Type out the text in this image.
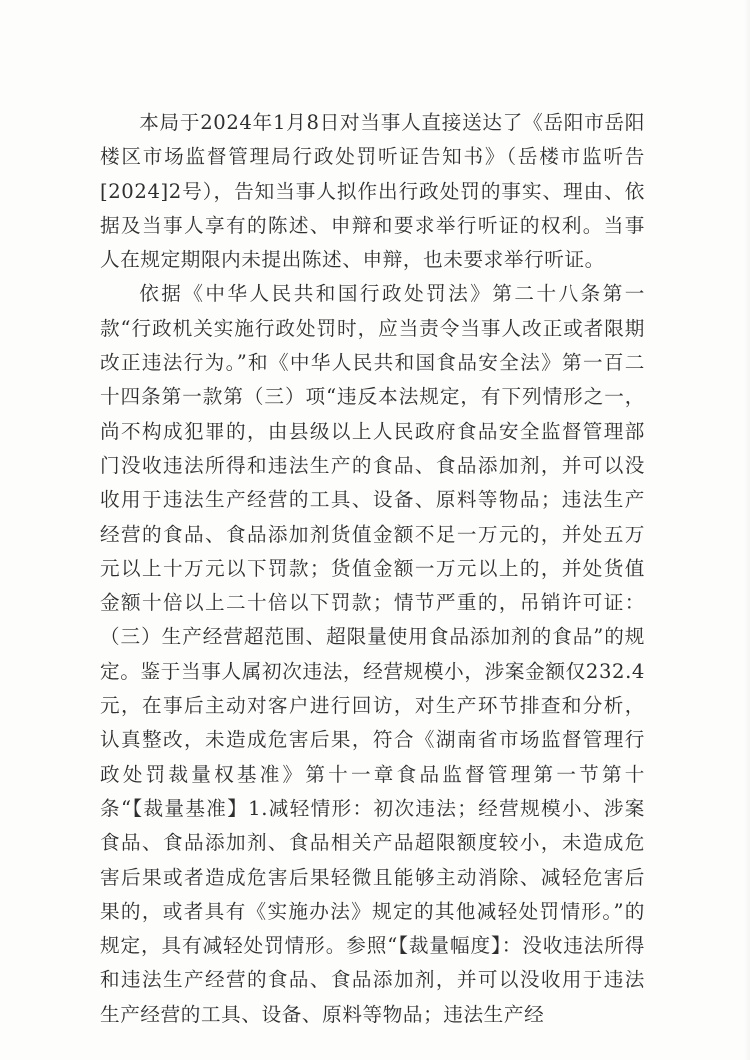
本局于2024年1月8日对当事人直接送达了《岳阳市岳阳楼区市场监督管理局行政处罚听证告知书》（岳楼市监听告[2024]2号），告知当事人拟作出行政处罚的事实、理由、依据及当事人享有的陈述、申辩和要求举行听证的权利。当事人在规定期限内未提出陈述、申辩，也未要求举行听证。

依据《中华人民共和国行政处罚法》第二十八条第一款“行政机关实施行政处罚时，应当责令当事人改正或者限期改正违法行为。”和《中华人民共和国食品安全法》第一百二十四条第一款第（三）项“违反本法规定，有下列情形之一，尚不构成犯罪的，由县级以上人民政府食品安全监督管理部门没收违法所得和违法生产的食品、食品添加剂，并可以没收用于违法生产经营的工具、设备、原料等物品；违法生产经营的食品、食品添加剂货值金额不足一万元的，并处五万元以上十万元以下罚款；货值金额一万元以上的，并处货值金额十倍以上二十倍以下罚款；情节严重的，吊销许可证：（三）生产经营超范围、超限量使用食品添加剂的食品”的规定。鉴于当事人属初次违法，经营规模小，涉案金额仅232.4元，在事后主动对客户进行回访，对生产环节排查和分析，认真整改，未造成危害后果，符合《湖南省市场监督管理行政处罚裁量权基准》第十一章食品监督管理第一节第十条“【裁量基准】1.减轻情形：初次违法；经营规模小、涉案食品、食品添加剂、食品相关产品超限额度较小，未造成危害后果或者造成危害后果轻微且能够主动消除、减轻危害后果的，或者具有《实施办法》规定的其他减轻处罚情形。”的规定，具有减轻处罚情形。参照“【裁量幅度】：没收违法所得和违法生产经营的食品、食品添加剂，并可以没收用于违法生产经营的工具、设备、原料等物品；违法生产经
